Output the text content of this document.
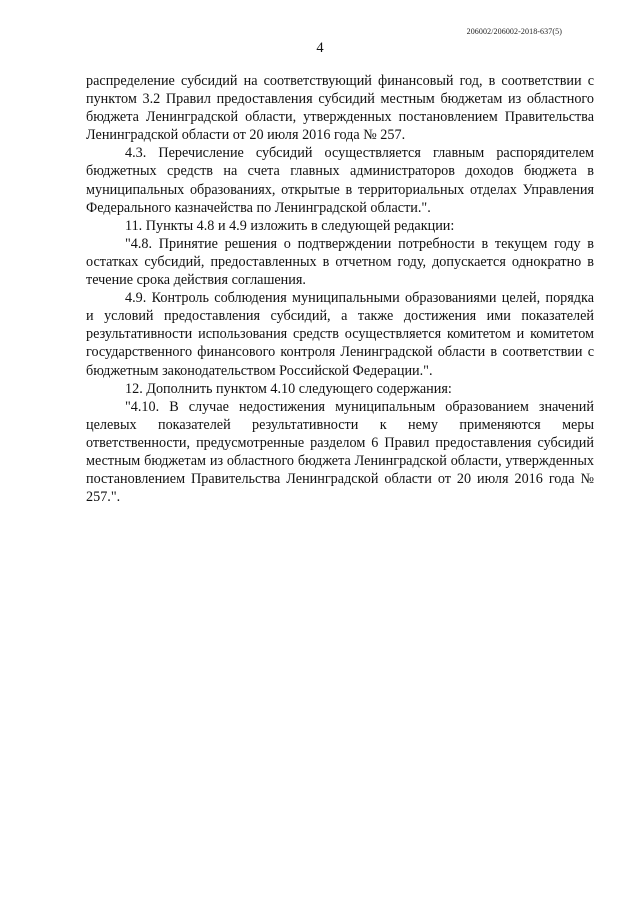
206002/206002-2018-637(5)
4

распределение субсидий на соответствующий финансовый год, в соответствии с пунктом 3.2 Правил предоставления субсидий местным бюджетам из областного бюджета Ленинградской области, утвержденных постановлением Правительства Ленинградской области от 20 июля 2016 года № 257.

4.3. Перечисление субсидий осуществляется главным распорядителем бюджетных средств на счета главных администраторов доходов бюджета в муниципальных образованиях, открытые в территориальных отделах Управления Федерального казначейства по Ленинградской области.".

11. Пункты 4.8 и 4.9 изложить в следующей редакции:

"4.8. Принятие решения о подтверждении потребности в текущем году в остатках субсидий, предоставленных в отчетном году, допускается однократно в течение срока действия соглашения.

4.9. Контроль соблюдения муниципальными образованиями целей, порядка и условий предоставления субсидий, а также достижения ими показателей результативности использования средств осуществляется комитетом и комитетом государственного финансового контроля Ленинградской области в соответствии с бюджетным законодательством Российской Федерации.".

12. Дополнить пунктом 4.10 следующего содержания:

"4.10. В случае недостижения муниципальным образованием значений целевых показателей результативности к нему применяются меры ответственности, предусмотренные разделом 6 Правил предоставления субсидий местным бюджетам из областного бюджета Ленинградской области, утвержденных постановлением Правительства Ленинградской области от 20 июля 2016 года № 257.".
